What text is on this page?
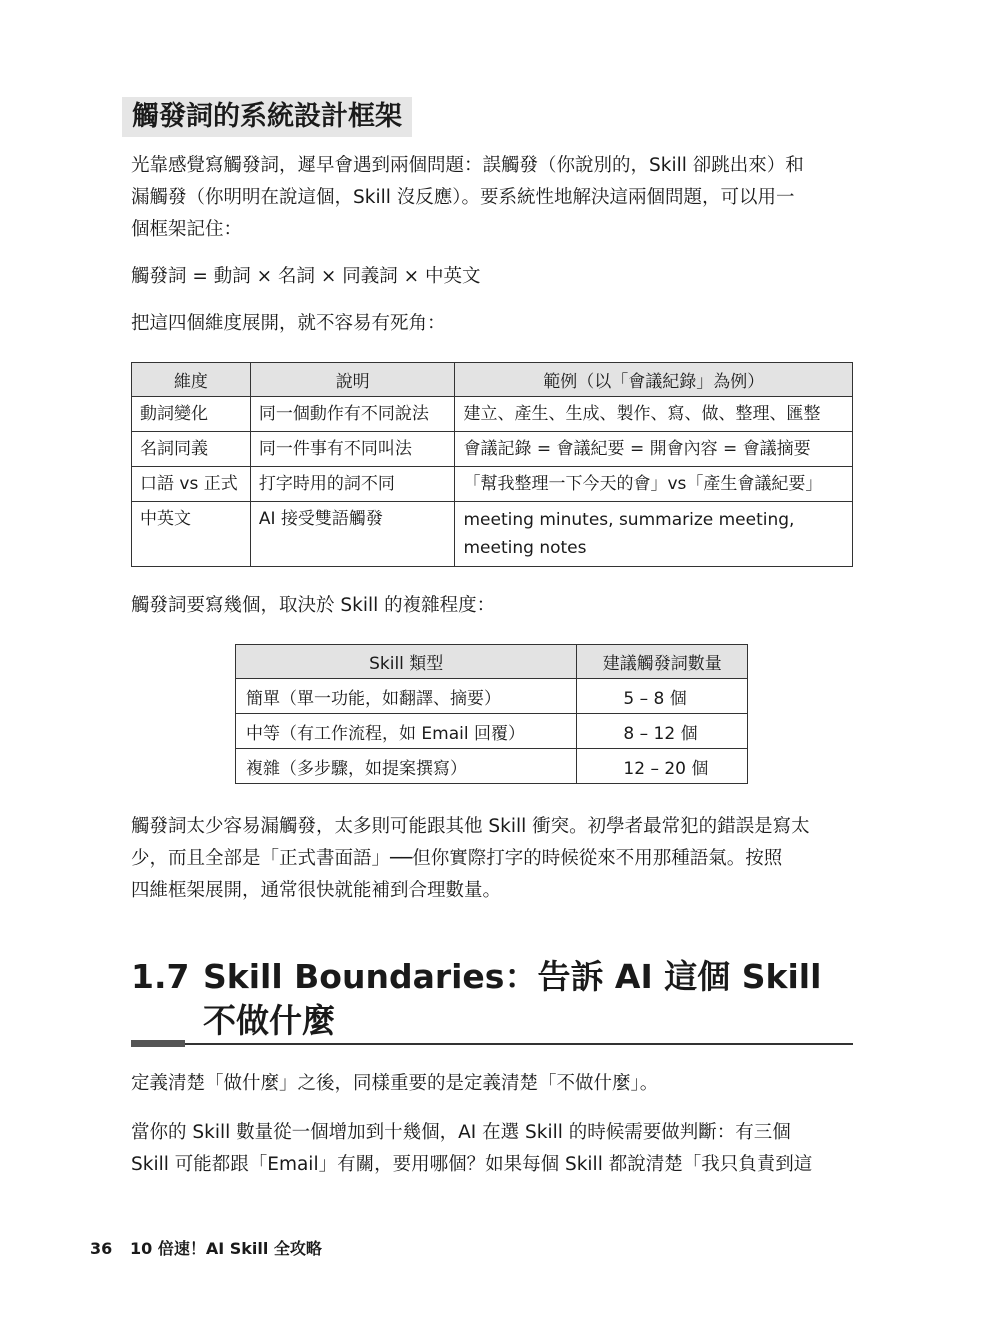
觸發詞的系統設計框架

光靠感覺寫觸發詞，遲早會遇到兩個問題：誤觸發（你說別的，Skill 卻跳出來）和
漏觸發（你明明在說這個，Skill 沒反應）。要系統性地解決這兩個問題，可以用一
個框架記住：

觸發詞 = 動詞 × 名詞 × 同義詞 × 中英文

把這四個維度展開，就不容易有死角：

維度	說明	範例（以「會議紀錄」為例）
動詞變化	同一個動作有不同說法	建立、產生、生成、製作、寫、做、整理、匯整
名詞同義	同一件事有不同叫法	會議記錄 = 會議紀要 = 開會內容 = 會議摘要
口語 vs 正式	打字時用的詞不同	「幫我整理一下今天的會」vs「產生會議紀要」
中英文	AI 接受雙語觸發	meeting minutes, summarize meeting, meeting notes

觸發詞要寫幾個，取決於 Skill 的複雜程度：

Skill 類型	建議觸發詞數量
簡單（單一功能，如翻譯、摘要）	5 – 8 個
中等（有工作流程，如 Email 回覆）	8 – 12 個
複雜（多步驟，如提案撰寫）	12 – 20 個

觸發詞太少容易漏觸發，太多則可能跟其他 Skill 衝突。初學者最常犯的錯誤是寫太
少，而且全部是「正式書面語」──但你實際打字的時候從來不用那種語氣。按照
四維框架展開，通常很快就能補到合理數量。

1.7 Skill Boundaries：告訴 AI 這個 Skill
不做什麼

定義清楚「做什麼」之後，同樣重要的是定義清楚「不做什麼」。

當你的 Skill 數量從一個增加到十幾個，AI 在選 Skill 的時候需要做判斷：有三個
Skill 可能都跟「Email」有關，要用哪個？如果每個 Skill 都說清楚「我只負責到這

36 10 倍速！AI Skill 全攻略
